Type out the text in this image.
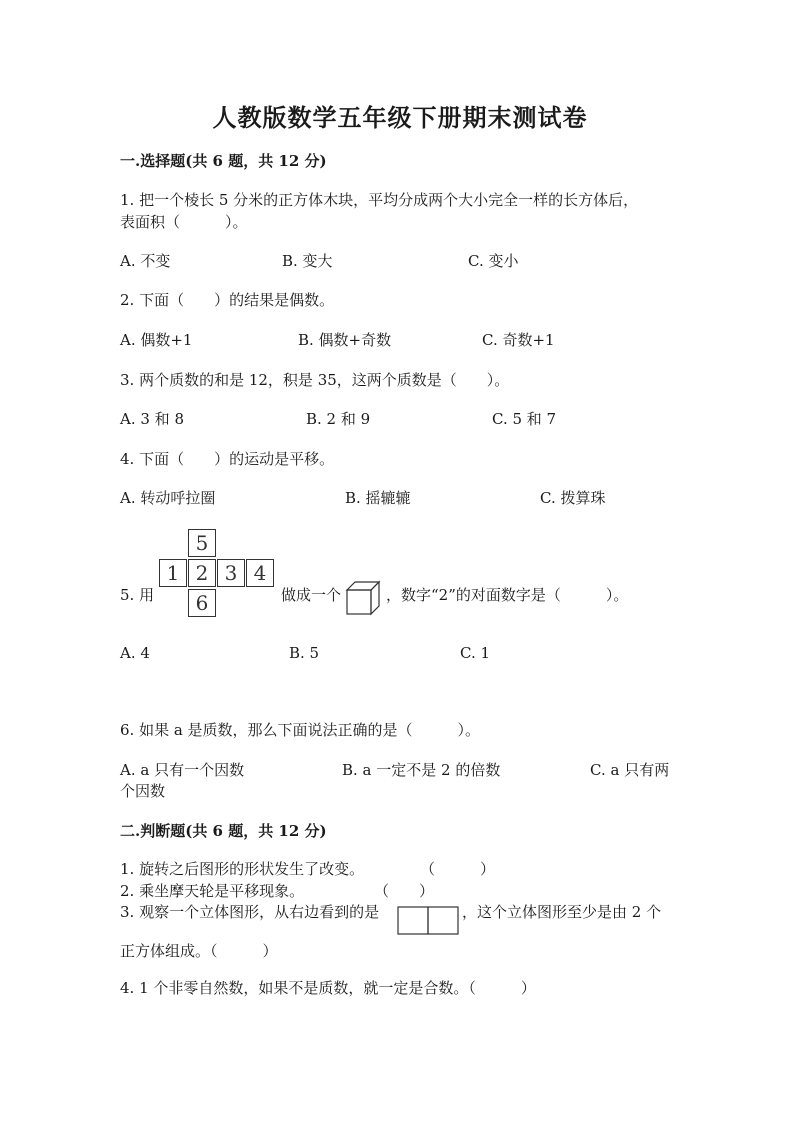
人教版数学五年级下册期末测试卷
一.选择题(共 6 题，共 12 分)
1. 把一个棱长 5 分米的正方体木块，平均分成两个大小完全一样的长方体后，
表面积（　　　）。
A. 不变	B. 变大	C. 变小
2. 下面（　　）的结果是偶数。
A. 偶数+1	B. 偶数+奇数	C. 奇数+1
3. 两个质数的和是 12，积是 35，这两个质数是（　　）。
A. 3 和 8	B. 2 和 9	C. 5 和 7
4. 下面（　　）的运动是平移。
A. 转动呼拉圈	B. 摇辘辘	C. 拨算珠
5. 用
5
1 2 3 4
6	做成一个	，数字“2”的对面数字是（　　　）。
A. 4	B. 5	C. 1
6. 如果 a 是质数，那么下面说法正确的是（　　　）。
A. a 只有一个因数	B. a 一定不是 2 的倍数	C. a 只有两
个因数
二.判断题(共 6 题，共 12 分)
1. 旋转之后图形的形状发生了改变。	（　　　）
2. 乘坐摩天轮是平移现象。	（　　）
3. 观察一个立体图形，从右边看到的是	，这个立体图形至少是由 2 个
正方体组成。（　　　）
4. 1 个非零自然数，如果不是质数，就一定是合数。（　　　）
